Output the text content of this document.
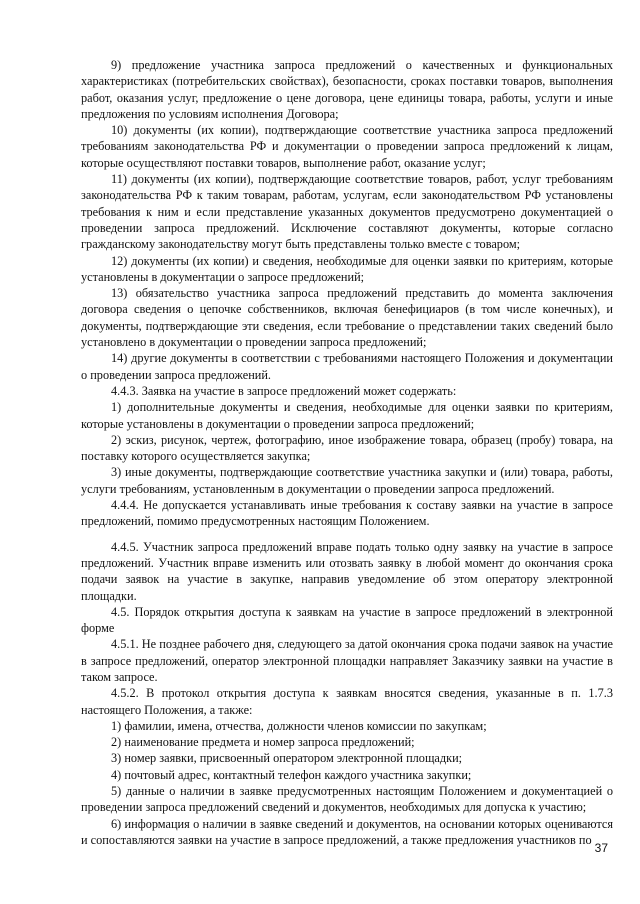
9) предложение участника запроса предложений о качественных и функциональных характеристиках (потребительских свойствах), безопасности, сроках поставки товаров, выполнения работ, оказания услуг, предложение о цене договора, цене единицы товара, работы, услуги и иные предложения по условиям исполнения Договора;

10) документы (их копии), подтверждающие соответствие участника запроса предложений требованиям законодательства РФ и документации о проведении запроса предложений к лицам, которые осуществляют поставки товаров, выполнение работ, оказание услуг;

11) документы (их копии), подтверждающие соответствие товаров, работ, услуг требованиям законодательства РФ к таким товарам, работам, услугам, если законодательством РФ установлены требования к ним и если представление указанных документов предусмотрено документацией о проведении запроса предложений. Исключение составляют документы, которые согласно гражданскому законодательству могут быть представлены только вместе с товаром;

12) документы (их копии) и сведения, необходимые для оценки заявки по критериям, которые установлены в документации о запросе предложений;

13) обязательство участника запроса предложений представить до момента заключения договора сведения о цепочке собственников, включая бенефициаров (в том числе конечных), и документы, подтверждающие эти сведения, если требование о представлении таких сведений было установлено в документации о проведении запроса предложений;

14) другие документы в соответствии с требованиями настоящего Положения и документации о проведении запроса предложений.

4.4.3. Заявка на участие в запросе предложений может содержать:

1) дополнительные документы и сведения, необходимые для оценки заявки по критериям, которые установлены в документации о проведении запроса предложений;

2) эскиз, рисунок, чертеж, фотографию, иное изображение товара, образец (пробу) товара, на поставку которого осуществляется закупка;

3) иные документы, подтверждающие соответствие участника закупки и (или) товара, работы, услуги требованиям, установленным в документации о проведении запроса предложений.

4.4.4. Не допускается устанавливать иные требования к составу заявки на участие в запросе предложений, помимо предусмотренных настоящим Положением.

4.4.5. Участник запроса предложений вправе подать только одну заявку на участие в запросе предложений. Участник вправе изменить или отозвать заявку в любой момент до окончания срока подачи заявок на участие в закупке, направив уведомление об этом оператору электронной площадки.

4.5. Порядок открытия доступа к заявкам на участие в запросе предложений в электронной форме

4.5.1. Не позднее рабочего дня, следующего за датой окончания срока подачи заявок на участие в запросе предложений, оператор электронной площадки направляет Заказчику заявки на участие в таком запросе.

4.5.2. В протокол открытия доступа к заявкам вносятся сведения, указанные в п. 1.7.3 настоящего Положения, а также:

1) фамилии, имена, отчества, должности членов комиссии по закупкам;

2) наименование предмета и номер запроса предложений;

3) номер заявки, присвоенный оператором электронной площадки;

4) почтовый адрес, контактный телефон каждого участника закупки;

5) данные о наличии в заявке предусмотренных настоящим Положением и документацией о проведении запроса предложений сведений и документов, необходимых для допуска к участию;

6) информация о наличии в заявке сведений и документов, на основании которых оцениваются и сопоставляются заявки на участие в запросе предложений, а также предложения участников по

37
